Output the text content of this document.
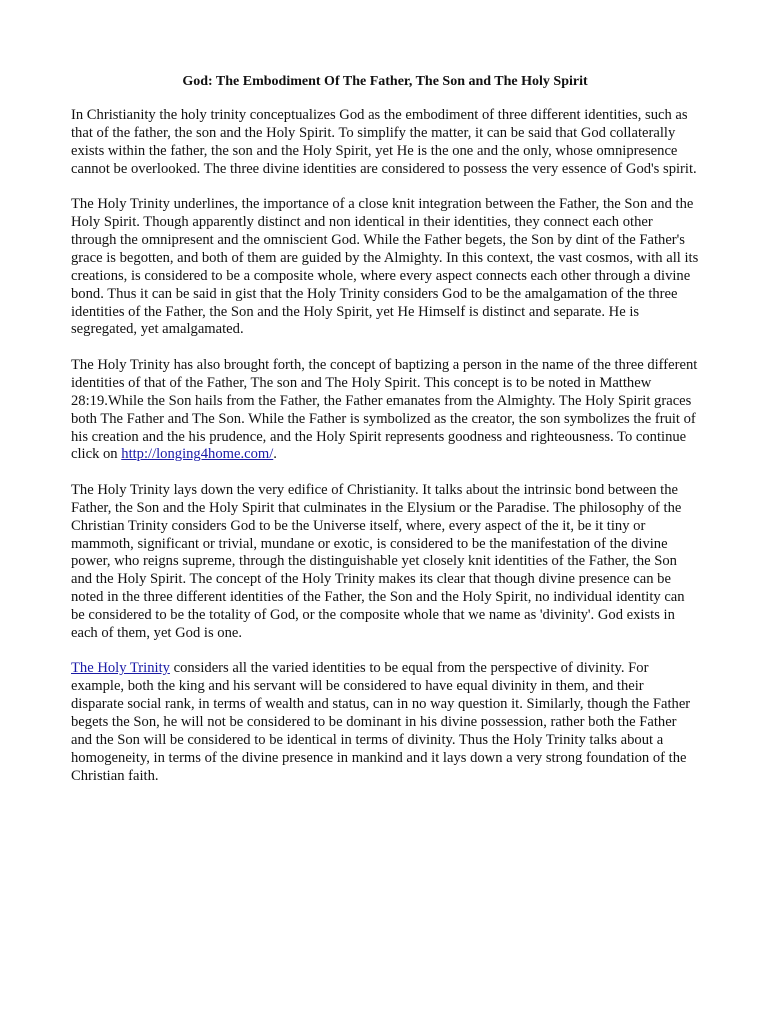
God: The Embodiment Of The Father, The Son and The Holy Spirit

In Christianity the holy trinity conceptualizes God as the embodiment of three different identities, such as that of the father, the son and the Holy Spirit. To simplify the matter, it can be said that God collaterally exists within the father, the son and the Holy Spirit, yet He is the one and the only, whose omnipresence cannot be overlooked. The three divine identities are considered to possess the very essence of God's spirit.

The Holy Trinity underlines, the importance of a close knit integration between the Father, the Son and the Holy Spirit. Though apparently distinct and non identical in their identities, they connect each other through the omnipresent and the omniscient God. While the Father begets, the Son by dint of the Father's grace is begotten, and both of them are guided by the Almighty. In this context, the vast cosmos, with all its creations, is considered to be a composite whole, where every aspect connects each other through a divine bond. Thus it can be said in gist that the Holy Trinity considers God to be the amalgamation of the three identities of the Father, the Son and the Holy Spirit, yet He Himself is distinct and separate. He is segregated, yet amalgamated.

The Holy Trinity has also brought forth, the concept of baptizing a person in the name of the three different identities of that of the Father, The son and The Holy Spirit. This concept is to be noted in Matthew 28:19.While the Son hails from the Father, the Father emanates from the Almighty. The Holy Spirit graces both The Father and The Son. While the Father is symbolized as the creator, the son symbolizes the fruit of his creation and the his prudence, and the Holy Spirit represents goodness and righteousness. To continue click on http://longing4home.com/.

The Holy Trinity lays down the very edifice of Christianity. It talks about the intrinsic bond between the Father, the Son and the Holy Spirit that culminates in the Elysium or the Paradise. The philosophy of the Christian Trinity considers God to be the Universe itself, where, every aspect of the it, be it tiny or mammoth, significant or trivial, mundane or exotic, is considered to be the manifestation of the divine power, who reigns supreme, through the distinguishable yet closely knit identities of the Father, the Son and the Holy Spirit. The concept of the Holy Trinity makes its clear that though divine presence can be noted in the three different identities of the Father, the Son and the Holy Spirit, no individual identity can be considered to be the totality of God, or the composite whole that we name as 'divinity'. God exists in each of them, yet God is one.

The Holy Trinity considers all the varied identities to be equal from the perspective of divinity. For example, both the king and his servant will be considered to have equal divinity in them, and their disparate social rank, in terms of wealth and status, can in no way question it. Similarly, though the Father begets the Son, he will not be considered to be dominant in his divine possession, rather both the Father and the Son will be considered to be identical in terms of divinity. Thus the Holy Trinity talks about a homogeneity, in terms of the divine presence in mankind and it lays down a very strong foundation of the Christian faith.
